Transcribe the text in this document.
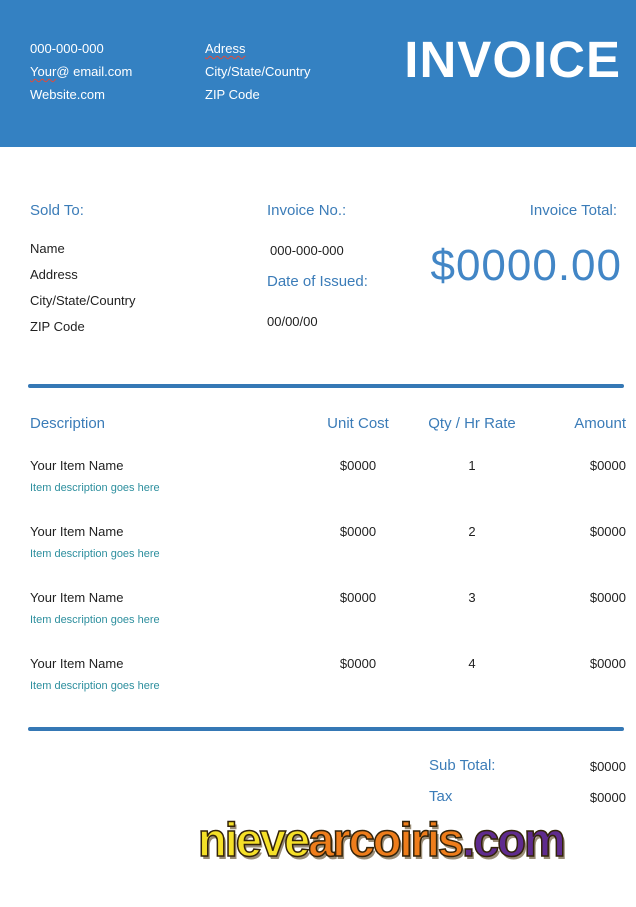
000-000-000
Your@ email.com
Website.com
Adress
City/State/Country
ZIP Code
INVOICE
Sold To:
Name
Address
City/State/Country
ZIP Code
Invoice No.:
000-000-000
Date of Issued:
00/00/00
Invoice Total:
$0000.00
Description	Unit Cost	Qty / Hr Rate	Amount
Your Item Name
Item description goes here
$0000	1	$0000
Your Item Name
Item description goes here
$0000	2	$0000
Your Item Name
Item description goes here
$0000	3	$0000
Your Item Name
Item description goes here
$0000	4	$0000
Sub Total:	$0000
Tax	$0000
nievearcoiris.com
